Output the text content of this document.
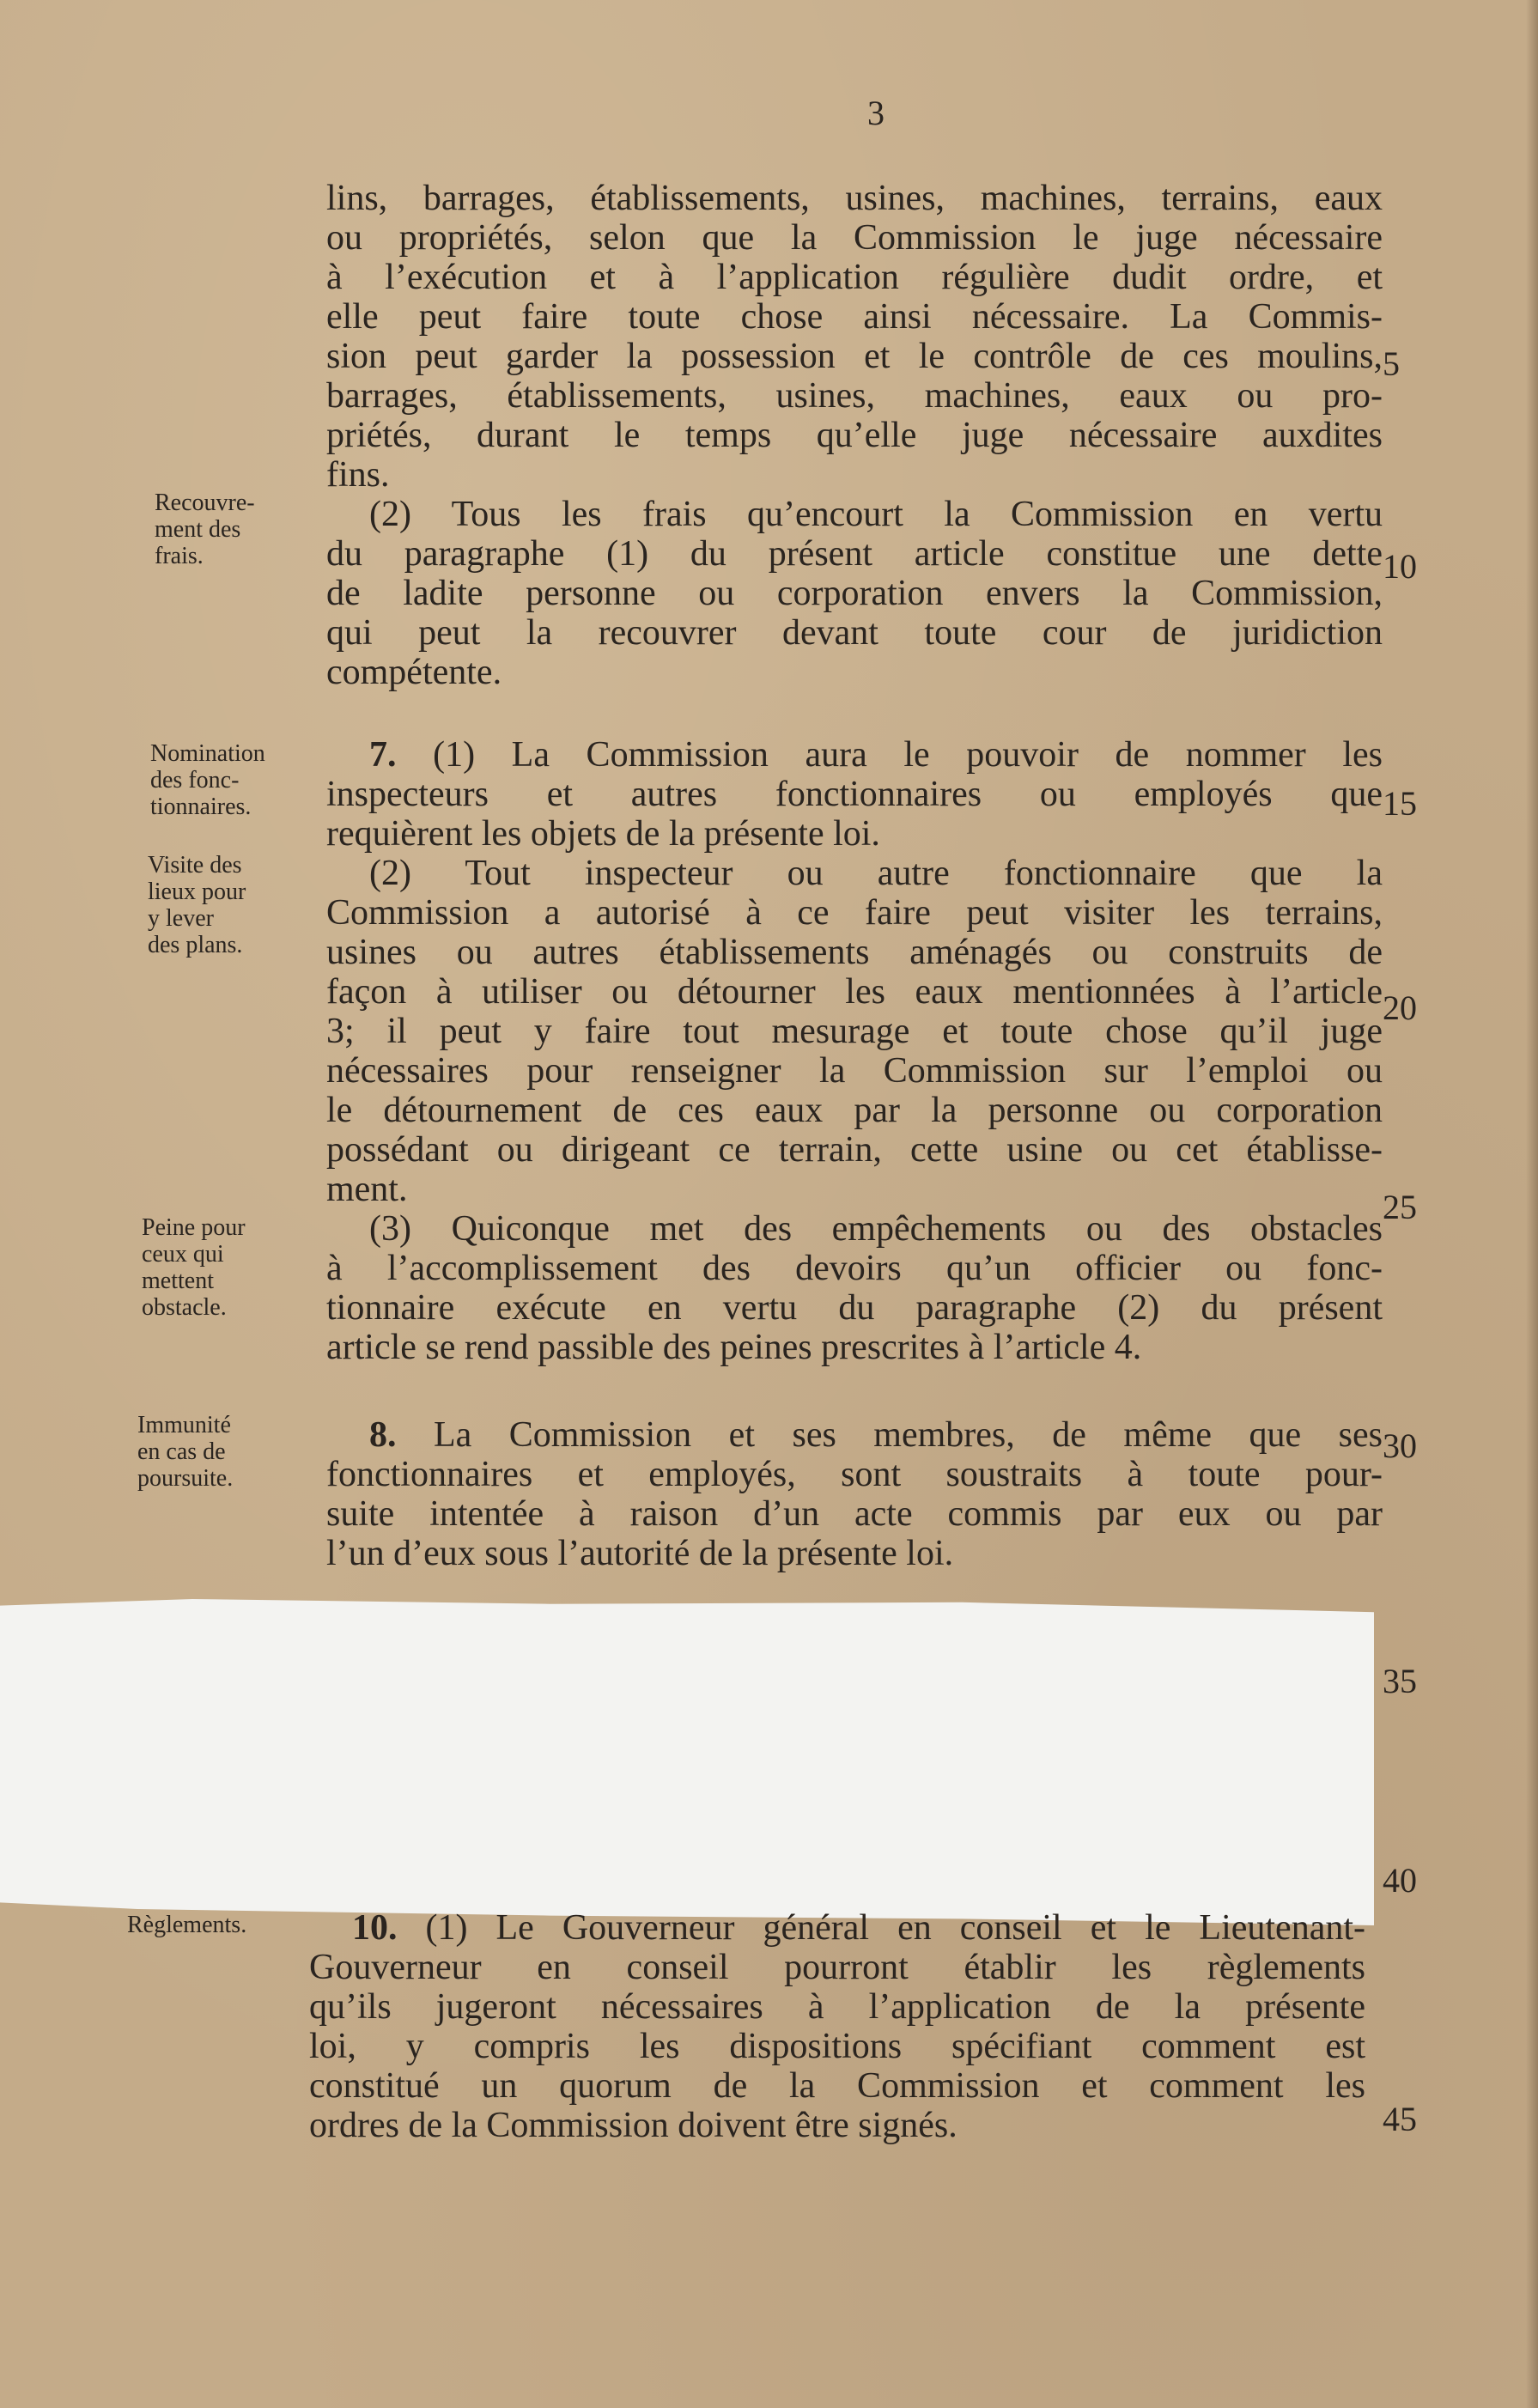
3
lins, barrages, établissements, usines, machines, terrains, eaux
ou propriétés, selon que la Commission le juge nécessaire
à l’exécution et à l’application régulière dudit ordre, et
elle peut faire toute chose ainsi nécessaire. La Commis-
sion peut garder la possession et le contrôle de ces moulins,
barrages, établissements, usines, machines, eaux ou pro-
priétés, durant le temps qu’elle juge nécessaire auxdites
fins.
(2) Tous les frais qu’encourt la Commission en vertu
du paragraphe (1) du présent article constitue une dette
de ladite personne ou corporation envers la Commission,
qui peut la recouvrer devant toute cour de juridiction
compétente.
7. (1) La Commission aura le pouvoir de nommer les
inspecteurs et autres fonctionnaires ou employés que
requièrent les objets de la présente loi.
(2) Tout inspecteur ou autre fonctionnaire que la
Commission a autorisé à ce faire peut visiter les terrains,
usines ou autres établissements aménagés ou construits de
façon à utiliser ou détourner les eaux mentionnées à l’article
3; il peut y faire tout mesurage et toute chose qu’il juge
nécessaires pour renseigner la Commission sur l’emploi ou
le détournement de ces eaux par la personne ou corporation
possédant ou dirigeant ce terrain, cette usine ou cet établisse-
ment.
(3) Quiconque met des empêchements ou des obstacles
à l’accomplissement des devoirs qu’un officier ou fonc-
tionnaire exécute en vertu du paragraphe (2) du présent
article se rend passible des peines prescrites à l’article 4.
8. La Commission et ses membres, de même que ses
fonctionnaires et employés, sont soustraits à toute pour-
suite intentée à raison d’un acte commis par eux ou par
l’un d’eux sous l’autorité de la présente loi.
10. (1) Le Gouverneur général en conseil et le Lieutenant-
Gouverneur en conseil pourront établir les règlements
qu’ils jugeront nécessaires à l’application de la présente
loi, y compris les dispositions spécifiant comment est
constitué un quorum de la Commission et comment les
ordres de la Commission doivent être signés.
5
10
15
20
25
30
35
40
45
Recouvre-
ment des
frais.
Nomination
des fonc-
tionnaires.
Visite des
lieux pour
y lever
des plans.
Peine pour
ceux qui
mettent
obstacle.
Immunité
en cas de
poursuite.
Règlements.
